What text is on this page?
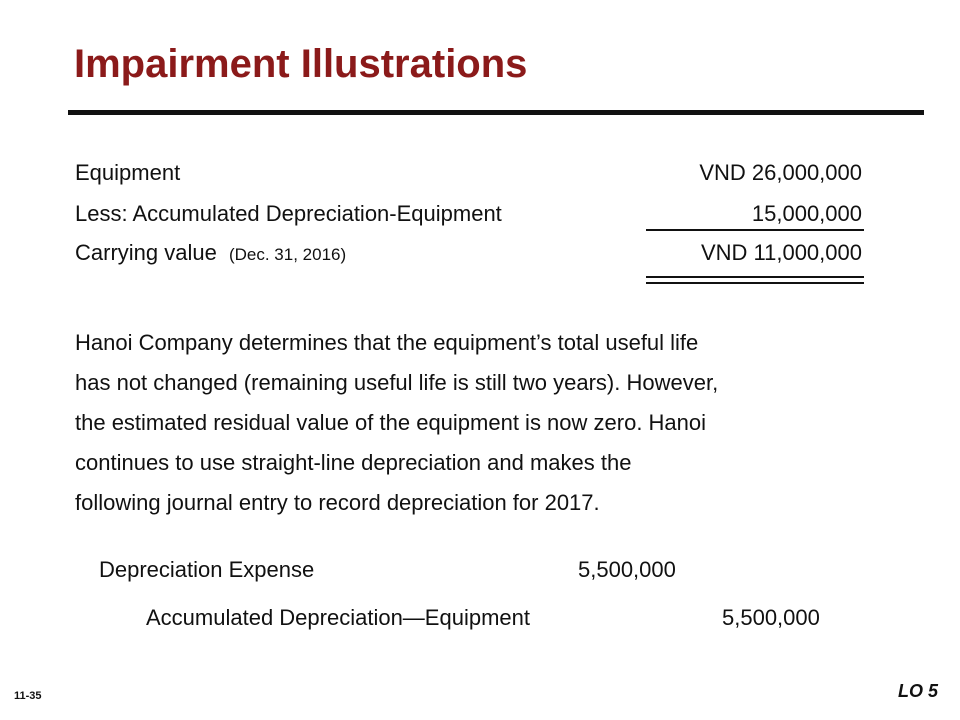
Impairment Illustrations
Equipment	VND 26,000,000
Less: Accumulated Depreciation-Equipment	15,000,000
Carrying value (Dec. 31, 2016)	VND 11,000,000
Hanoi Company determines that the equipment’s total useful life
has not changed (remaining useful life is still two years). However,
the estimated residual value of the equipment is now zero. Hanoi
continues to use straight-line depreciation and makes the
following journal entry to record depreciation for 2017.
Depreciation Expense	5,500,000
Accumulated Depreciation—Equipment	5,500,000
11-35	LO 5
